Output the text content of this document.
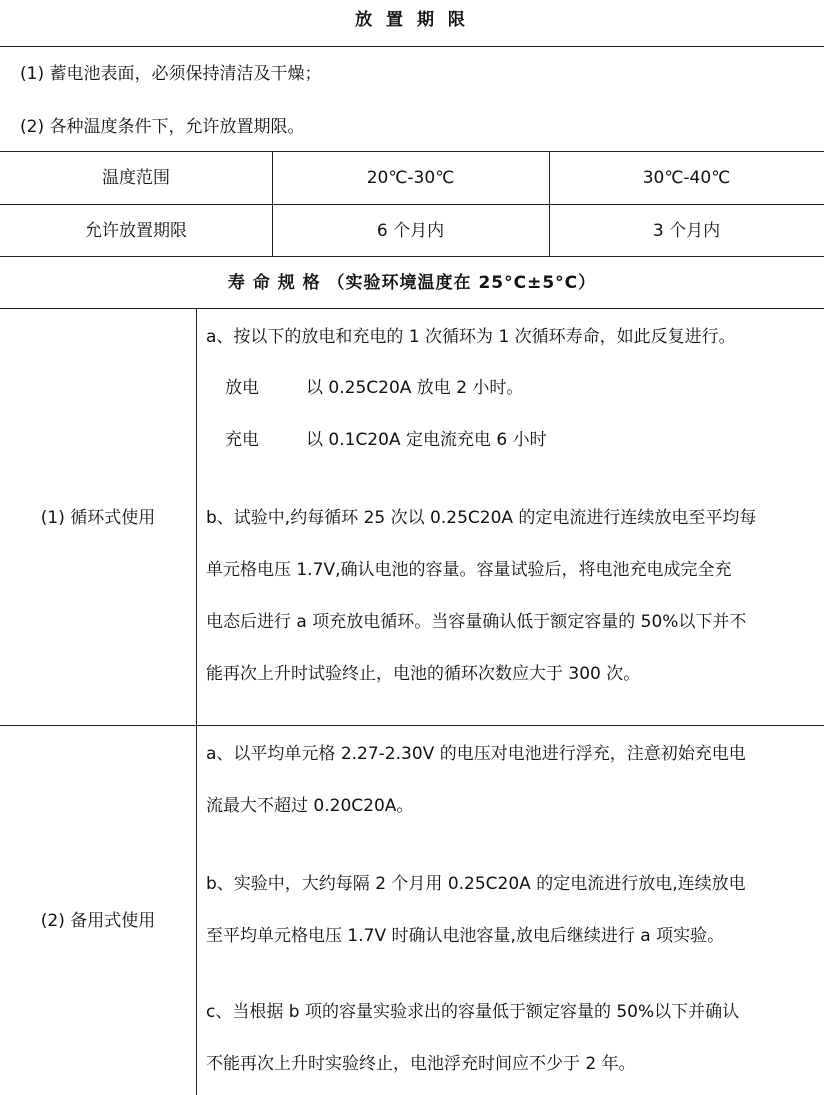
放 置 期 限
(1) 蓄电池表面，必须保持清洁及干燥；
(2) 各种温度条件下，允许放置期限。
温度范围	20℃-30℃	30℃-40℃
允许放置期限	6 个月内	3 个月内
寿 命 规 格 （实验环境温度在 25°C±5°C）
(1) 循环式使用
a、按以下的放电和充电的 1 次循环为 1 次循环寿命，如此反复进行。
放电	以 0.25C20A 放电 2 小时。
充电	以 0.1C20A 定电流充电 6 小时
b、试验中,约每循环 25 次以 0.25C20A 的定电流进行连续放电至平均每
单元格电压 1.7V,确认电池的容量。容量试验后，将电池充电成完全充
电态后进行 a 项充放电循环。当容量确认低于额定容量的 50%以下并不
能再次上升时试验终止，电池的循环次数应大于 300 次。
(2) 备用式使用
a、以平均单元格 2.27-2.30V 的电压对电池进行浮充，注意初始充电电
流最大不超过 0.20C20A。
b、实验中，大约每隔 2 个月用 0.25C20A 的定电流进行放电,连续放电
至平均单元格电压 1.7V 时确认电池容量,放电后继续进行 a 项实验。
c、当根据 b 项的容量实验求出的容量低于额定容量的 50%以下并确认
不能再次上升时实验终止，电池浮充时间应不少于 2 年。
